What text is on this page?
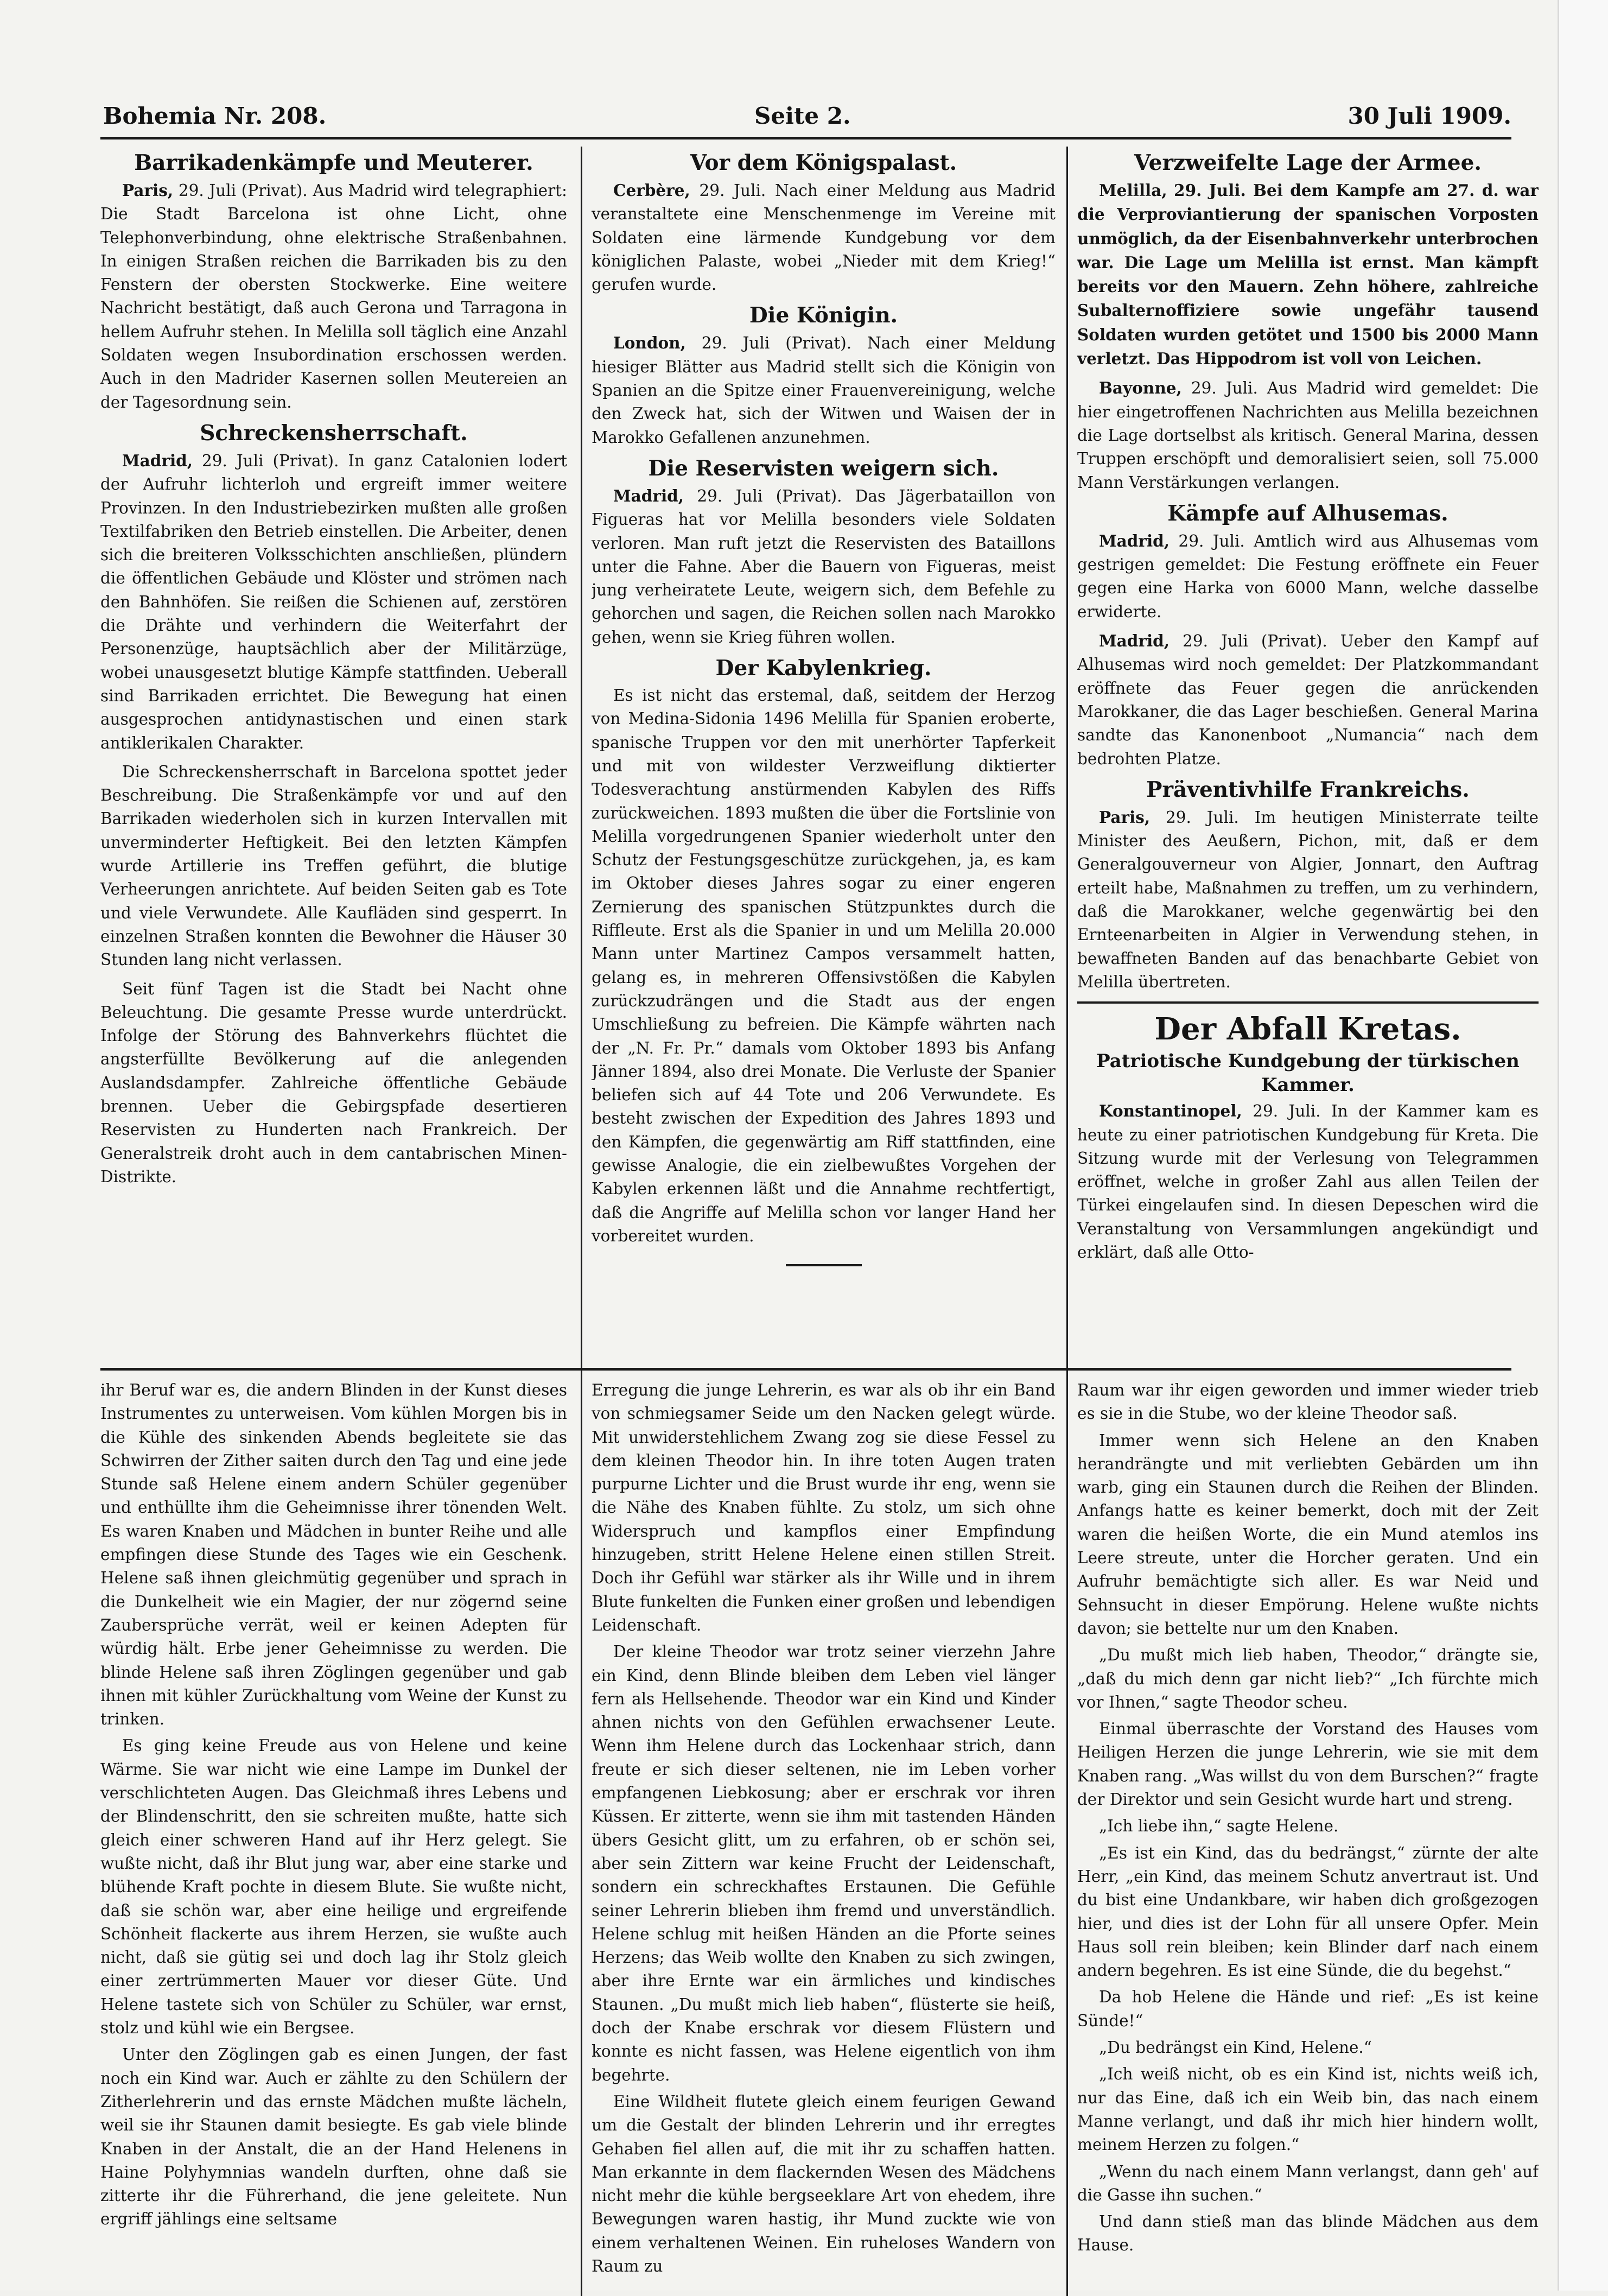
Bohemia Nr. 208.	Seite 2.	30 Juli 1909.
Barrikadenkämpfe und Meuterer.

Paris, 29. Juli (Privat). Aus Madrid wird telegraphiert: Die Stadt Barcelona ist ohne Licht, ohne Telephonverbindung, ohne elektrische Straßenbahnen. In einigen Straßen reichen die Barrikaden bis zu den Fenstern der obersten Stockwerke. Eine weitere Nachricht bestätigt, daß auch Gerona und Tarragona in hellem Aufruhr stehen. In Melilla soll täglich eine Anzahl Soldaten wegen Insubordination erschossen werden. Auch in den Madrider Kasernen sollen Meutereien an der Tagesordnung sein.

Schreckensherrschaft.

Madrid, 29. Juli (Privat). In ganz Catalonien lodert der Aufruhr lichterloh und ergreift immer weitere Provinzen. In den Industriebezirken mußten alle großen Textilfabriken den Betrieb einstellen. Die Arbeiter, denen sich die breiteren Volksschichten anschließen, plündern die öffentlichen Gebäude und Klöster und strömen nach den Bahnhöfen. Sie reißen die Schienen auf, zerstören die Drähte und verhindern die Weiterfahrt der Personenzüge, hauptsächlich aber der Militärzüge, wobei unausgesetzt blutige Kämpfe stattfinden. Ueberall sind Barrikaden errichtet. Die Bewegung hat einen ausgesprochen antidynastischen und einen stark antiklerikalen Charakter.

Die Schreckensherrschaft in Barcelona spottet jeder Beschreibung. Die Straßenkämpfe vor und auf den Barrikaden wiederholen sich in kurzen Intervallen mit unverminderter Heftigkeit. Bei den letzten Kämpfen wurde Artillerie ins Treffen geführt, die blutige Verheerungen anrichtete. Auf beiden Seiten gab es Tote und viele Verwundete. Alle Kaufläden sind gesperrt. In einzelnen Straßen konnten die Bewohner die Häuser 30 Stunden lang nicht verlassen.

Seit fünf Tagen ist die Stadt bei Nacht ohne Beleuchtung. Die gesamte Presse wurde unterdrückt. Infolge der Störung des Bahnverkehrs flüchtet die angsterfüllte Bevölkerung auf die anlegenden Auslandsdampfer. Zahlreiche öffentliche Gebäude brennen. Ueber die Gebirgspfade desertieren Reservisten zu Hunderten nach Frankreich. Der Generalstreik droht auch in dem cantabrischen Minen-Distrikte.

Vor dem Königspalast.

Cerbère, 29. Juli. Nach einer Meldung aus Madrid veranstaltete eine Menschenmenge im Vereine mit Soldaten eine lärmende Kundgebung vor dem königlichen Palaste, wobei „Nieder mit dem Krieg!“ gerufen wurde.

Die Königin.

London, 29. Juli (Privat). Nach einer Meldung hiesiger Blätter aus Madrid stellt sich die Königin von Spanien an die Spitze einer Frauenvereinigung, welche den Zweck hat, sich der Witwen und Waisen der in Marokko Gefallenen anzunehmen.

Die Reservisten weigern sich.

Madrid, 29. Juli (Privat). Das Jägerbataillon von Figueras hat vor Melilla besonders viele Soldaten verloren. Man ruft jetzt die Reservisten des Bataillons unter die Fahne. Aber die Bauern von Figueras, meist jung verheiratete Leute, weigern sich, dem Befehle zu gehorchen und sagen, die Reichen sollen nach Marokko gehen, wenn sie Krieg führen wollen.

Der Kabylenkrieg.

Es ist nicht das erstemal, daß, seitdem der Herzog von Medina-Sidonia 1496 Melilla für Spanien eroberte, spanische Truppen vor den mit unerhörter Tapferkeit und mit von wildester Verzweiflung diktierter Todesverachtung anstürmenden Kabylen des Riffs zurückweichen. 1893 mußten die über die Fortslinie von Melilla vorgedrungenen Spanier wiederholt unter den Schutz der Festungsgeschütze zurückgehen, ja, es kam im Oktober dieses Jahres sogar zu einer engeren Zernierung des spanischen Stützpunktes durch die Riffleute. Erst als die Spanier in und um Melilla 20.000 Mann unter Martinez Campos versammelt hatten, gelang es, in mehreren Offensivstößen die Kabylen zurückzudrängen und die Stadt aus der engen Umschließung zu befreien. Die Kämpfe währten nach der „N. Fr. Pr.“ damals vom Oktober 1893 bis Anfang Jänner 1894, also drei Monate. Die Verluste der Spanier beliefen sich auf 44 Tote und 206 Verwundete. Es besteht zwischen der Expedition des Jahres 1893 und den Kämpfen, die gegenwärtig am Riff stattfinden, eine gewisse Analogie, die ein zielbewußtes Vorgehen der Kabylen erkennen läßt und die Annahme rechtfertigt, daß die Angriffe auf Melilla schon vor langer Hand her vorbereitet wurden.

Verzweifelte Lage der Armee.

Melilla, 29. Juli. Bei dem Kampfe am 27. d. war die Verproviantierung der spanischen Vorposten unmöglich, da der Eisenbahnverkehr unterbrochen war. Die Lage um Melilla ist ernst. Man kämpft bereits vor den Mauern. Zehn höhere, zahlreiche Subalternoffiziere sowie ungefähr tausend Soldaten wurden getötet und 1500 bis 2000 Mann verletzt. Das Hippodrom ist voll von Leichen.

Bayonne, 29. Juli. Aus Madrid wird gemeldet: Die hier eingetroffenen Nachrichten aus Melilla bezeichnen die Lage dortselbst als kritisch. General Marina, dessen Truppen erschöpft und demoralisiert seien, soll 75.000 Mann Verstärkungen verlangen.

Kämpfe auf Alhusemas.

Madrid, 29. Juli. Amtlich wird aus Alhusemas vom gestrigen gemeldet: Die Festung eröffnete ein Feuer gegen eine Harka von 6000 Mann, welche dasselbe erwiderte.

Madrid, 29. Juli (Privat). Ueber den Kampf auf Alhusemas wird noch gemeldet: Der Platzkommandant eröffnete das Feuer gegen die anrückenden Marokkaner, die das Lager beschießen. General Marina sandte das Kanonenboot „Numancia“ nach dem bedrohten Platze.

Präventivhilfe Frankreichs.

Paris, 29. Juli. Im heutigen Ministerrate teilte Minister des Aeußern, Pichon, mit, daß er dem Generalgouverneur von Algier, Jonnart, den Auftrag erteilt habe, Maßnahmen zu treffen, um zu verhindern, daß die Marokkaner, welche gegenwärtig bei den Ernteenarbeiten in Algier in Verwendung stehen, in bewaffneten Banden auf das benachbarte Gebiet von Melilla übertreten.

Der Abfall Kretas.
Patriotische Kundgebung der türkischen Kammer.

Konstantinopel, 29. Juli. In der Kammer kam es heute zu einer patriotischen Kundgebung für Kreta. Die Sitzung wurde mit der Verlesung von Telegrammen eröffnet, welche in großer Zahl aus allen Teilen der Türkei eingelaufen sind. In diesen Depeschen wird die Veranstaltung von Versammlungen angekündigt und erklärt, daß alle Otto-

ihr Beruf war es, die andern Blinden in der Kunst dieses Instrumentes zu unterweisen. Vom kühlen Morgen bis in die Kühle des sinkenden Abends begleitete sie das Schwirren der Zither saiten durch den Tag und eine jede Stunde saß Helene einem andern Schüler gegenüber und enthüllte ihm die Geheimnisse ihrer tönenden Welt. Es waren Knaben und Mädchen in bunter Reihe und alle empfingen diese Stunde des Tages wie ein Geschenk. Helene saß ihnen gleichmütig gegenüber und sprach in die Dunkelheit wie ein Magier, der nur zögernd seine Zaubersprüche verrät, weil er keinen Adepten für würdig hält. Erbe jener Geheimnisse zu werden. Die blinde Helene saß ihren Zöglingen gegenüber und gab ihnen mit kühler Zurückhaltung vom Weine der Kunst zu trinken.

Es ging keine Freude aus von Helene und keine Wärme. Sie war nicht wie eine Lampe im Dunkel der verschlichteten Augen. Das Gleichmaß ihres Lebens und der Blindenschritt, den sie schreiten mußte, hatte sich gleich einer schweren Hand auf ihr Herz gelegt. Sie wußte nicht, daß ihr Blut jung war, aber eine starke und blühende Kraft pochte in diesem Blute. Sie wußte nicht, daß sie schön war, aber eine heilige und ergreifende Schönheit flackerte aus ihrem Herzen, sie wußte auch nicht, daß sie gütig sei und doch lag ihr Stolz gleich einer zertrümmerten Mauer vor dieser Güte. Und Helene tastete sich von Schüler zu Schüler, war ernst, stolz und kühl wie ein Bergsee.

Unter den Zöglingen gab es einen Jungen, der fast noch ein Kind war. Auch er zählte zu den Schülern der Zitherlehrerin und das ernste Mädchen mußte lächeln, weil sie ihr Staunen damit besiegte. Es gab viele blinde Knaben in der Anstalt, die an der Hand Helenens in Haine Polyhymnias wandeln durften, ohne daß sie zitterte ihr die Führerhand, die jene geleitete. Nun ergriff jählings eine seltsame

Erregung die junge Lehrerin, es war als ob ihr ein Band von schmiegsamer Seide um den Nacken gelegt würde. Mit unwiderstehlichem Zwang zog sie diese Fessel zu dem kleinen Theodor hin. In ihre toten Augen traten purpurne Lichter und die Brust wurde ihr eng, wenn sie die Nähe des Knaben fühlte. Zu stolz, um sich ohne Widerspruch und kampflos einer Empfindung hinzugeben, stritt Helene Helene einen stillen Streit. Doch ihr Gefühl war stärker als ihr Wille und in ihrem Blute funkelten die Funken einer großen und lebendigen Leidenschaft.

Der kleine Theodor war trotz seiner vierzehn Jahre ein Kind, denn Blinde bleiben dem Leben viel länger fern als Hellsehende. Theodor war ein Kind und Kinder ahnen nichts von den Gefühlen erwachsener Leute. Wenn ihm Helene durch das Lockenhaar strich, dann freute er sich dieser seltenen, nie im Leben vorher empfangenen Liebkosung; aber er erschrak vor ihren Küssen. Er zitterte, wenn sie ihm mit tastenden Händen übers Gesicht glitt, um zu erfahren, ob er schön sei, aber sein Zittern war keine Frucht der Leidenschaft, sondern ein schreckhaftes Erstaunen. Die Gefühle seiner Lehrerin blieben ihm fremd und unverständlich. Helene schlug mit heißen Händen an die Pforte seines Herzens; das Weib wollte den Knaben zu sich zwingen, aber ihre Ernte war ein ärmliches und kindisches Staunen. „Du mußt mich lieb haben“, flüsterte sie heiß, doch der Knabe erschrak vor diesem Flüstern und konnte es nicht fassen, was Helene eigentlich von ihm begehrte.

Eine Wildheit flutete gleich einem feurigen Gewand um die Gestalt der blinden Lehrerin und ihr erregtes Gehaben fiel allen auf, die mit ihr zu schaffen hatten. Man erkannte in dem flackernden Wesen des Mädchens nicht mehr die kühle bergseeklare Art von ehedem, ihre Bewegungen waren hastig, ihr Mund zuckte wie von einem verhaltenen Weinen. Ein ruheloses Wandern von Raum zu

Raum war ihr eigen geworden und immer wieder trieb es sie in die Stube, wo der kleine Theodor saß.

Immer wenn sich Helene an den Knaben herandrängte und mit verliebten Gebärden um ihn warb, ging ein Staunen durch die Reihen der Blinden. Anfangs hatte es keiner bemerkt, doch mit der Zeit waren die heißen Worte, die ein Mund atemlos ins Leere streute, unter die Horcher geraten. Und ein Aufruhr bemächtigte sich aller. Es war Neid und Sehnsucht in dieser Empörung. Helene wußte nichts davon; sie bettelte nur um den Knaben.

„Du mußt mich lieb haben, Theodor,“ drängte sie, „daß du mich denn gar nicht lieb?“ „Ich fürchte mich vor Ihnen,“ sagte Theodor scheu.

Einmal überraschte der Vorstand des Hauses vom Heiligen Herzen die junge Lehrerin, wie sie mit dem Knaben rang. „Was willst du von dem Burschen?“ fragte der Direktor und sein Gesicht wurde hart und streng.

„Ich liebe ihn,“ sagte Helene.

„Es ist ein Kind, das du bedrängst,“ zürnte der alte Herr, „ein Kind, das meinem Schutz anvertraut ist. Und du bist eine Undankbare, wir haben dich großgezogen hier, und dies ist der Lohn für all unsere Opfer. Mein Haus soll rein bleiben; kein Blinder darf nach einem andern begehren. Es ist eine Sünde, die du begehst.“

Da hob Helene die Hände und rief: „Es ist keine Sünde!“

„Du bedrängst ein Kind, Helene.“

„Ich weiß nicht, ob es ein Kind ist, nichts weiß ich, nur das Eine, daß ich ein Weib bin, das nach einem Manne verlangt, und daß ihr mich hier hindern wollt, meinem Herzen zu folgen.“

„Wenn du nach einem Mann verlangst, dann geh' auf die Gasse ihn suchen.“

Und dann stieß man das blinde Mädchen aus dem Hause.
